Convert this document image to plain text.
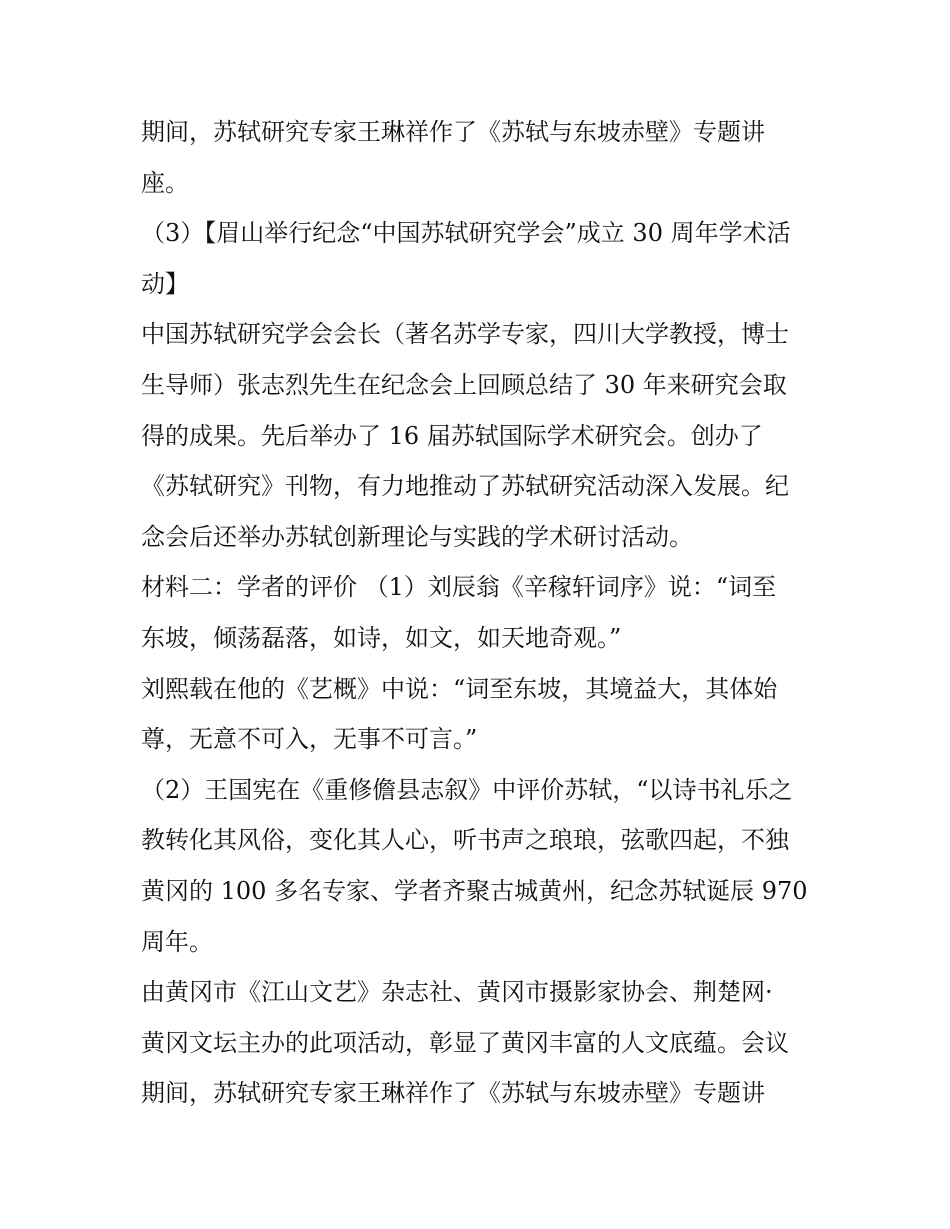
期间，苏轼研究专家王琳祥作了《苏轼与东坡赤壁》专题讲
座。
（3）【眉山举行纪念“中国苏轼研究学会”成立 30 周年学术活
动】
中国苏轼研究学会会长（著名苏学专家，四川大学教授，博士
生导师）张志烈先生在纪念会上回顾总结了 30 年来研究会取
得的成果。先后举办了 16 届苏轼国际学术研究会。创办了
《苏轼研究》刊物，有力地推动了苏轼研究活动深入发展。纪
念会后还举办苏轼创新理论与实践的学术研讨活动。
材料二：学者的评价 （1）刘辰翁《辛稼轩词序》说：“词至
东坡，倾荡磊落，如诗，如文，如天地奇观。”
刘熙载在他的《艺概》中说：“词至东坡，其境益大，其体始
尊，无意不可入，无事不可言。”
（2）王国宪在《重修儋县志叙》中评价苏轼，“以诗书礼乐之
教转化其风俗，变化其人心，听书声之琅琅，弦歌四起，不独
黄冈的 100 多名专家、学者齐聚古城黄州，纪念苏轼诞辰 970
周年。
由黄冈市《江山文艺》杂志社、黄冈市摄影家协会、荆楚网·
黄冈文坛主办的此项活动，彰显了黄冈丰富的人文底蕴。会议
期间，苏轼研究专家王琳祥作了《苏轼与东坡赤壁》专题讲
